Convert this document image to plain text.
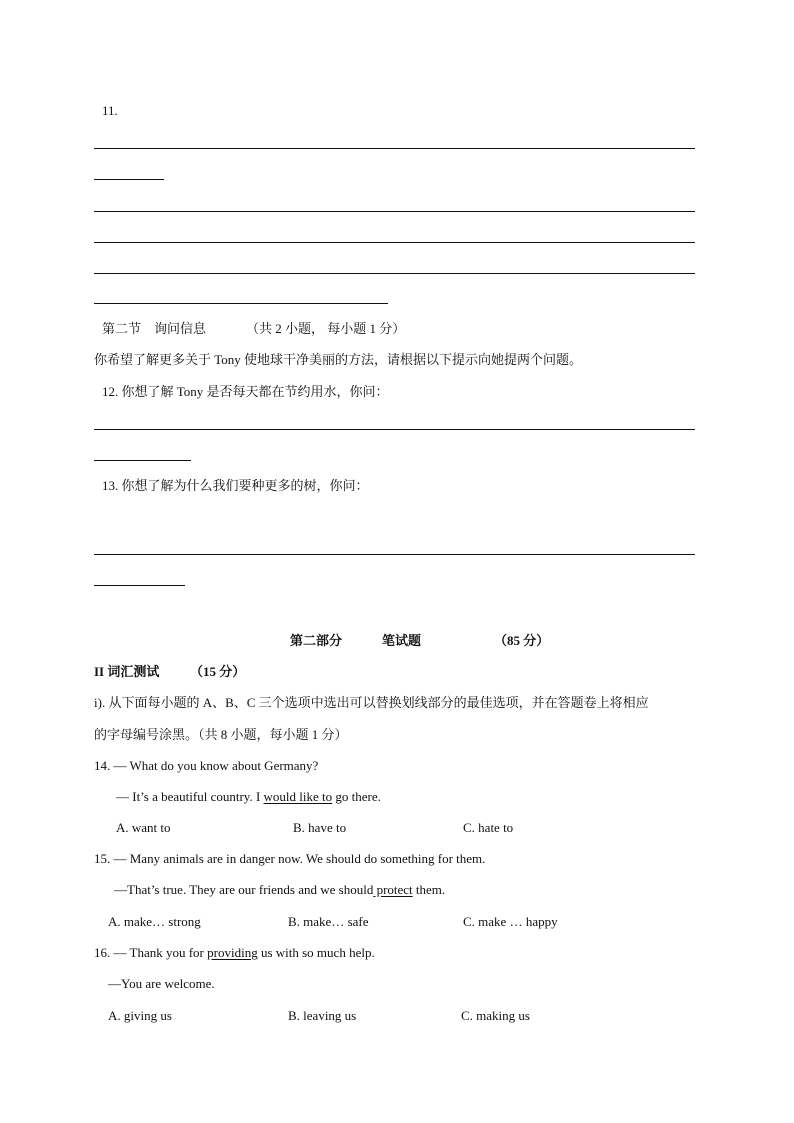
11.
第二节　询问信息	（共 2 小题， 每小题 1 分）
你希望了解更多关于 Tony 使地球干净美丽的方法，请根据以下提示向她提两个问题。
12. 你想了解 Tony 是否每天都在节约用水，你问：
13. 你想了解为什么我们要种更多的树，你问：
第二部分	笔试题	（85 分）
II 词汇测试 （15 分）
i). 从下面每小题的 A、B、C 三个选项中选出可以替换划线部分的最佳选项，并在答题卷上将相应
的字母编号涂黑。（共 8 小题，每小题 1 分）
14. — What do you know about Germany?
— It’s a beautiful country. I would like to go there.
A. want to	B. have to	C. hate to
15. — Many animals are in danger now. We should do something for them.
—That’s true. They are our friends and we should protect them.
A. make… strong	B. make… safe	C. make … happy
16. — Thank you for providing us with so much help.
—You are welcome.
A. giving us	B. leaving us	C. making us
